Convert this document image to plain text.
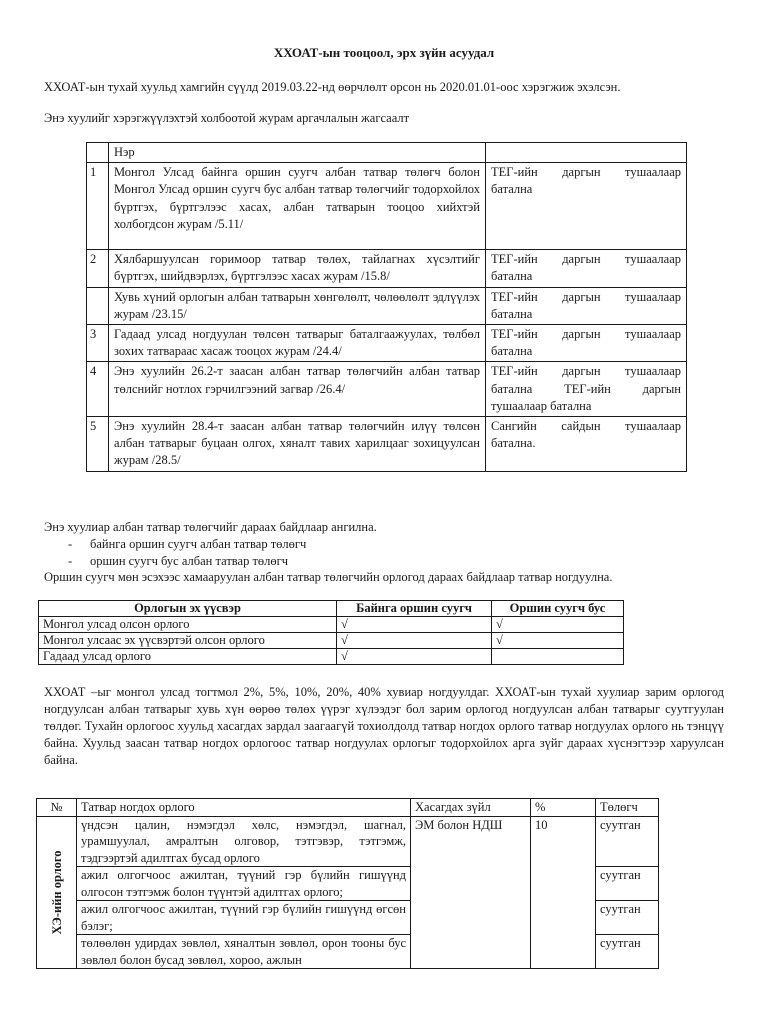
ХХОАТ-ын тооцоол, эрх зүйн асуудал
ХХОАТ-ын тухай хуульд хамгийн сүүлд 2019.03.22-нд өөрчлөлт орсон нь 2020.01.01-оос хэрэгжиж эхэлсэн.
Энэ хуулийг хэрэгжүүлэхтэй холбоотой журам аргачлалын жагсаалт
	Нэр	
1	Монгол Улсад байнга оршин суугч албан татвар төлөгч болон Монгол Улсад оршин суугч бус албан татвар төлөгчийг тодорхойлох бүртгэх, бүртгэлээс хасах, албан татварын тооцоо хийхтэй холбогдсон журам /5.11/	ТЕГ-ийн даргын тушаалаар батална
2	Хялбаршуулсан горимоор татвар төлөх, тайлагнах хүсэлтийг бүртгэх, шийдвэрлэх, бүртгэлээс хасах журам /15.8/	ТЕГ-ийн даргын тушаалаар батална
	Хувь хүний орлогын албан татварын хөнгөлөлт, чөлөөлөлт эдлүүлэх журам /23.15/	ТЕГ-ийн даргын тушаалаар батална
3	Гадаад улсад ногдуулан төлсөн татварыг баталгаажуулах, төлбөл зохих татвараас хасаж тооцох журам /24.4/	ТЕГ-ийн даргын тушаалаар батална
4	Энэ хуулийн 26.2-т заасан албан татвар төлөгчийн албан татвар төлснийг нотлох гэрчилгээний загвар /26.4/	ТЕГ-ийн даргын тушаалаар батална ТЕГ-ийн даргын тушаалаар батална
5	Энэ хуулийн 28.4-т заасан албан татвар төлөгчийн илүү төлсөн албан татварыг буцаан олгох, хяналт тавих харилцааг зохицуулсан журам /28.5/	Сангийн сайдын тушаалаар батална.
Энэ хуулиар албан татвар төлөгчийг дараах байдлаар ангилна.
- байнга оршин суугч албан татвар төлөгч
- оршин суугч бус албан татвар төлөгч
Оршин суугч мөн эсэхээс хамааруулан албан татвар төлөгчийн орлогод дараах байдлаар татвар ногдуулна.
Орлогын эх үүсвэр	Байнга оршин суугч	Оршин суугч бус
Монгол улсад олсон орлого	√	√
Монгол улсаас эх үүсвэртэй олсон орлого	√	√
Гадаад улсад орлого	√	
ХХОАТ –ыг монгол улсад тогтмол 2%, 5%, 10%, 20%, 40% хувиар ногдуулдаг. ХХОАТ-ын тухай хуулиар зарим орлогод ногдуулсан албан татварыг хувь хүн өөрөө төлөх үүрэг хүлээдэг бол зарим орлогод ногдуулсан албан татварыг суутгуулан төлдөг. Тухайн орлогоос хуульд хасагдах зардал заагаагүй тохиолдолд татвар ногдох орлого татвар ногдуулах орлого нь тэнцүү байна. Хуульд заасан татвар ногдох орлогоос татвар ногдуулах орлогыг тодорхойлох арга зүйг дараах хүснэгтээр харуулсан байна.
№	Татвар ногдох орлого	Хасагдах зүйл	%	Төлөгч
ХЭ-ийн орлого	үндсэн цалин, нэмэгдэл хөлс, нэмэгдэл, шагнал, урамшуулал, амралтын олговор, тэтгэвэр, тэтгэмж, тэдгээртэй адилтгах бусад орлого	ЭМ болон НДШ	10	суутган
	ажил олгогчоос ажилтан, түүний гэр бүлийн гишүүнд олгосон тэтгэмж болон түүнтэй адилтгах орлого;			суутган
	ажил олгогчоос ажилтан, түүний гэр бүлийн гишүүнд өгсөн бэлэг;			суутган
	төлөөлөн удирдах зөвлөл, хяналтын зөвлөл, орон тооны бус зөвлөл болон бусад зөвлөл, хороо, ажлын			суутган
